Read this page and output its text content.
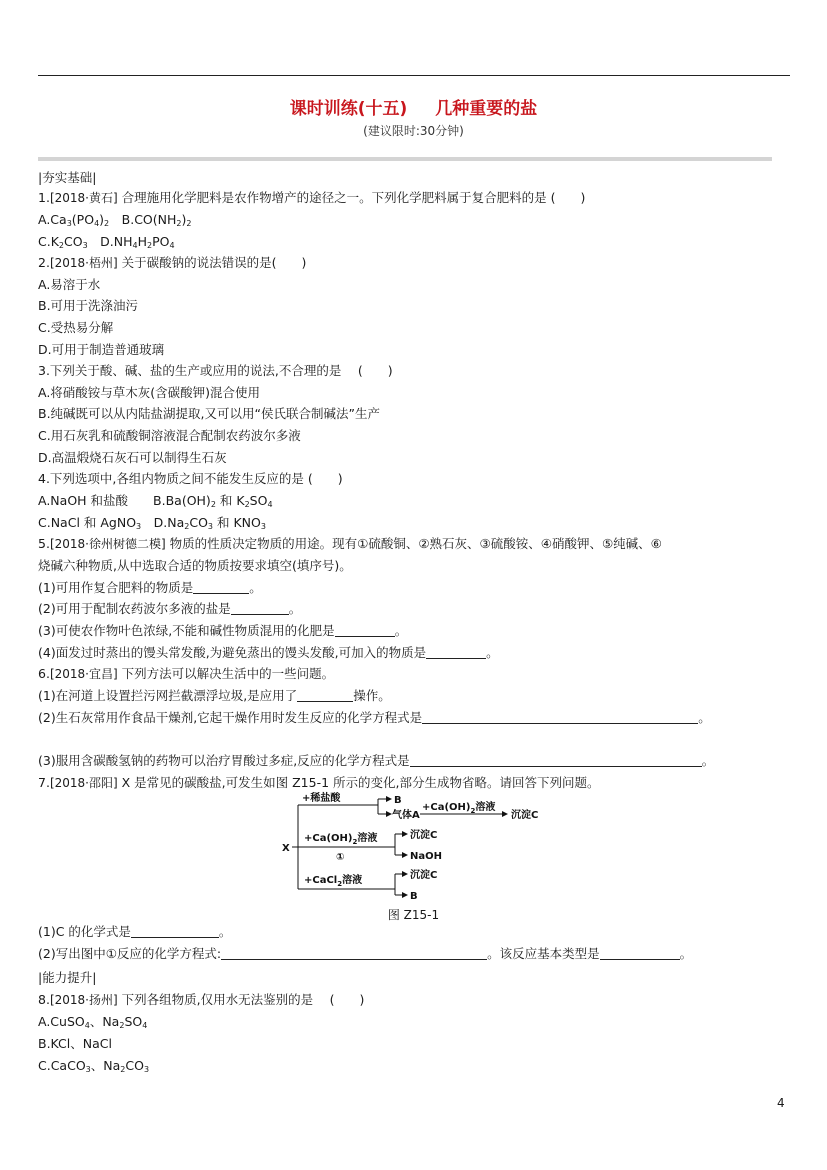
课时训练(十五) 几种重要的盐
(建议限时:30分钟)
|夯实基础|
1.[2018·黄石] 合理施用化学肥料是农作物增产的途径之一。下列化学肥料属于复合肥料的是 (　　)
$A.Ca_3(PO_4)_2$　$B.CO(NH_2)_2$
$C.K_2CO_3$　$D.NH_4H_2PO_4$
2.[2018·梧州] 关于碳酸钠的说法错误的是(　　)
A.易溶于水
B.可用于洗涤油污
C.受热易分解
D.可用于制造普通玻璃
3.下列关于酸、碱、盐的生产或应用的说法,不合理的是　 (　　)
A.将硝酸铵与草木灰(含碳酸钾)混合使用
B.纯碱既可以从内陆盐湖提取,又可以用“侯氏联合制碱法”生产
C.用石灰乳和硫酸铜溶液混合配制农药波尔多液
D.高温煅烧石灰石可以制得生石灰
4.下列选项中,各组内物质之间不能发生反应的是 (　　)
A.NaOH 和盐酸　　$B.Ba(OH)_2$ 和 $K_2SO_4$
C.NaCl 和 AgNO$_3$　$D.Na_2CO_3$ 和 $KNO_3$
5.[2018·徐州树德二模] 物质的性质决定物质的用途。现有①硫酸铜、②熟石灰、③硫酸铵、④硝酸钾、⑤纯碱、⑥
烧碱六种物质,从中选取合适的物质按要求填空(填序号)。
(1)可用作复合肥料的物质是	。
(2)可用于配制农药波尔多液的盐是	。
(3)可使农作物叶色浓绿,不能和碱性物质混用的化肥是	。
(4)面发过时蒸出的馒头常发酸,为避免蒸出的馒头发酸,可加入的物质是	。
6.[2018·宜昌] 下列方法可以解决生活中的一些问题。
(1)在河道上设置拦污网拦截漂浮垃圾,是应用了	操作。
(2)生石灰常用作食品干燥剂,它起干燥作用时发生反应的化学方程式是	。
(3)服用含碳酸氢钠的药物可以治疗胃酸过多症,反应的化学方程式是	。
7.[2018·邵阳] X 是常见的碳酸盐,可发生如图 Z15-1 所示的变化,部分生成物省略。请回答下列问题。
X
+稀盐酸	B
气体A
$+Ca(OH)_2$溶液
沉淀C
$+Ca(OH)_2$溶液
①
沉淀C
NaOH
+CaCl$_2$溶液	沉淀C
B
图 Z15-1
(1)C 的化学式是	。
(2)写出图中①反应的化学方程式:	。该反应基本类型是	。
|能力提升|
8.[2018·扬州] 下列各组物质,仅用水无法鉴别的是　 (　　)
A.CuSO$_4$、$Na_2SO_4$
B.KCl、NaCl
C.CaCO$_3$、$Na_2CO_3$
4
